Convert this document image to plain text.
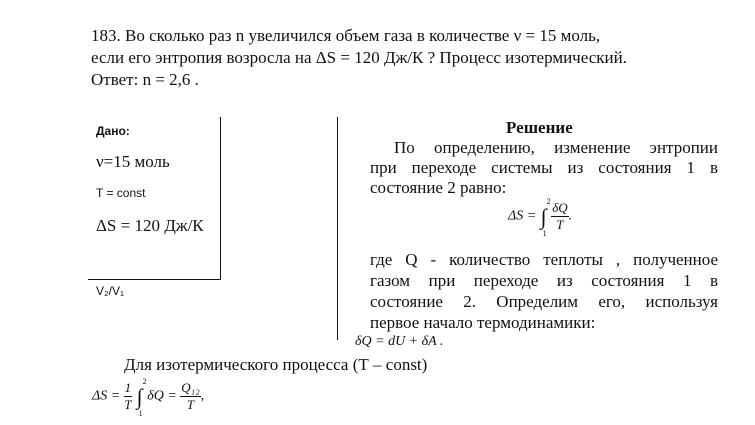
183. Во сколько раз n увеличился объем газа в количестве ν = 15 моль,
если его энтропия возросла на ΔS = 120 Дж/К ? Процесс изотермический.
Ответ: n = 2,6 .
Дано:
ν=15 моль
T = const
ΔS = 120 Дж/К
V₂/V₁
Решение
По определению, изменение энтропии
при переходе системы из состояния 1 в
состояние 2 равно:
ΔS = ∫
2
1
$\frac{\delta Q}{T}$ .
где Q - количество теплоты , полученное
газом при переходе из состояния 1 в
состояние 2. Определим его, используя
первое начало термодинамики:
δQ = dU + δA .
Для изотермического процесса (Т – const)
$\Delta S = \frac{1}{T}$ ∫
2
1
$\delta Q = \frac{\text{Q₁₂}}{T}$ ,
